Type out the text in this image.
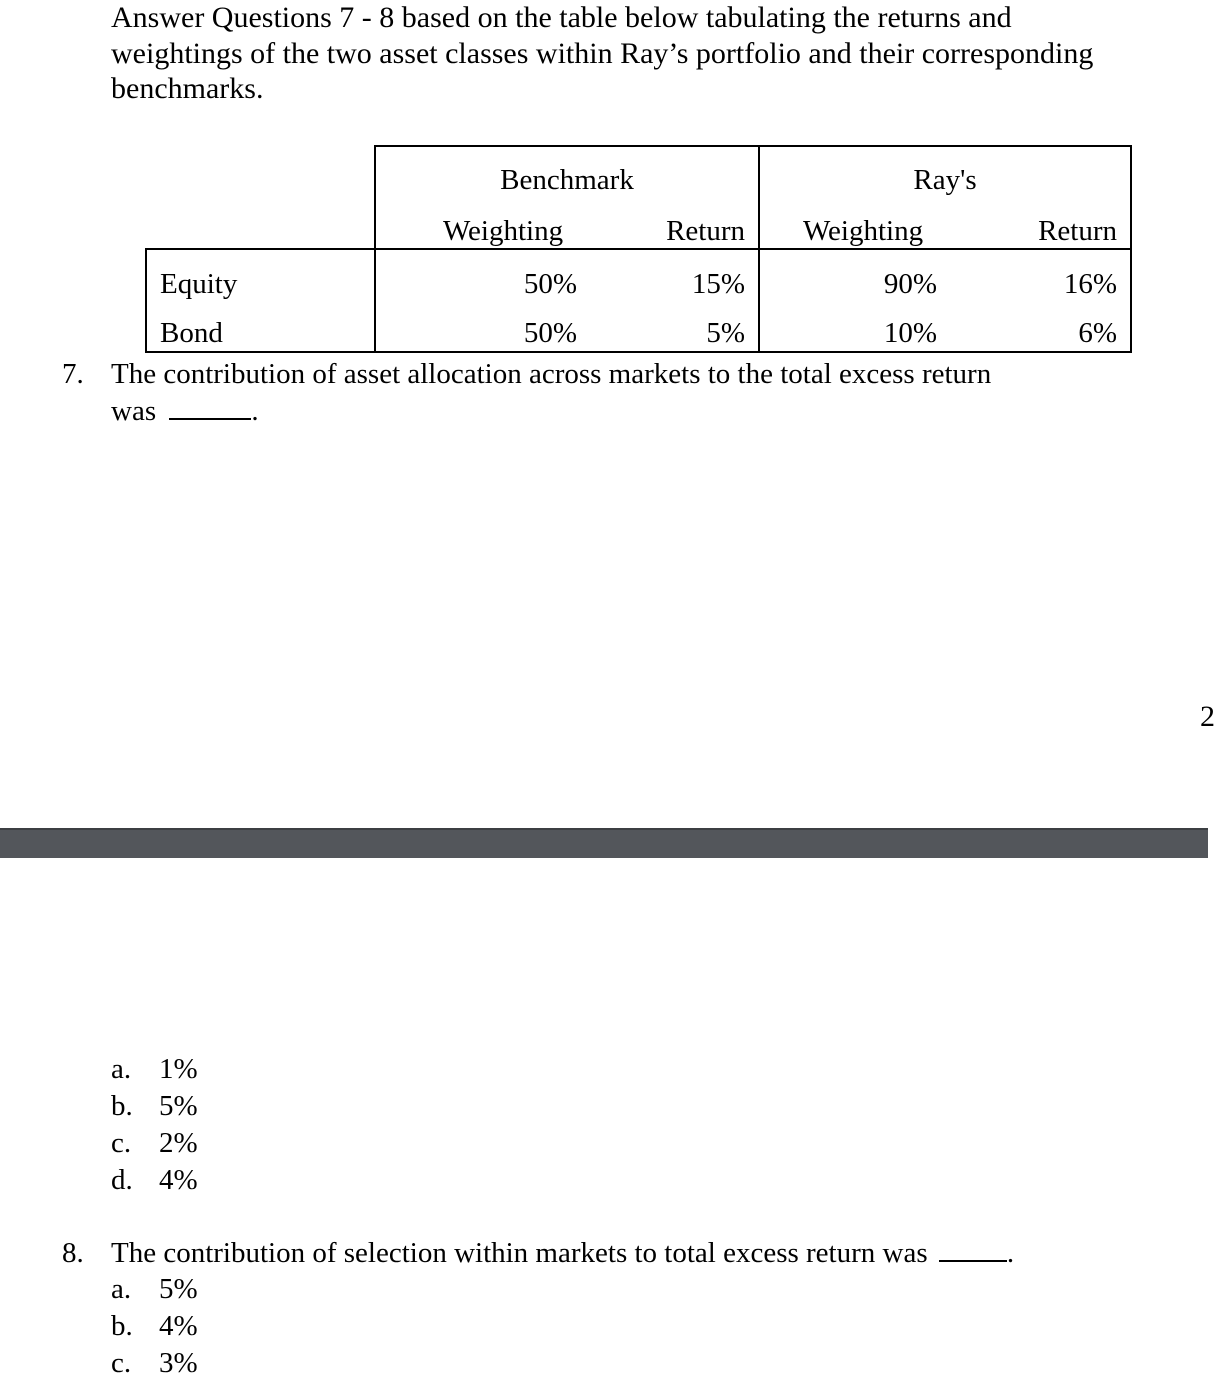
Answer Questions 7 - 8 based on the table below tabulating the returns and
weightings of the two asset classes within Ray’s portfolio and their corresponding
benchmarks.
Benchmark	Ray's
Weighting	Return Weighting	Return
Equity	50%	15%	90%	16%
Bond	50%	5%	10%	6%
7. The contribution of asset allocation across markets to the total excess return
was	.
2
a. 1%
b. 5%
c. 2%
d. 4%
8. The contribution of selection within markets to total excess return was	.
a. 5%
b. 4%
c. 3%
